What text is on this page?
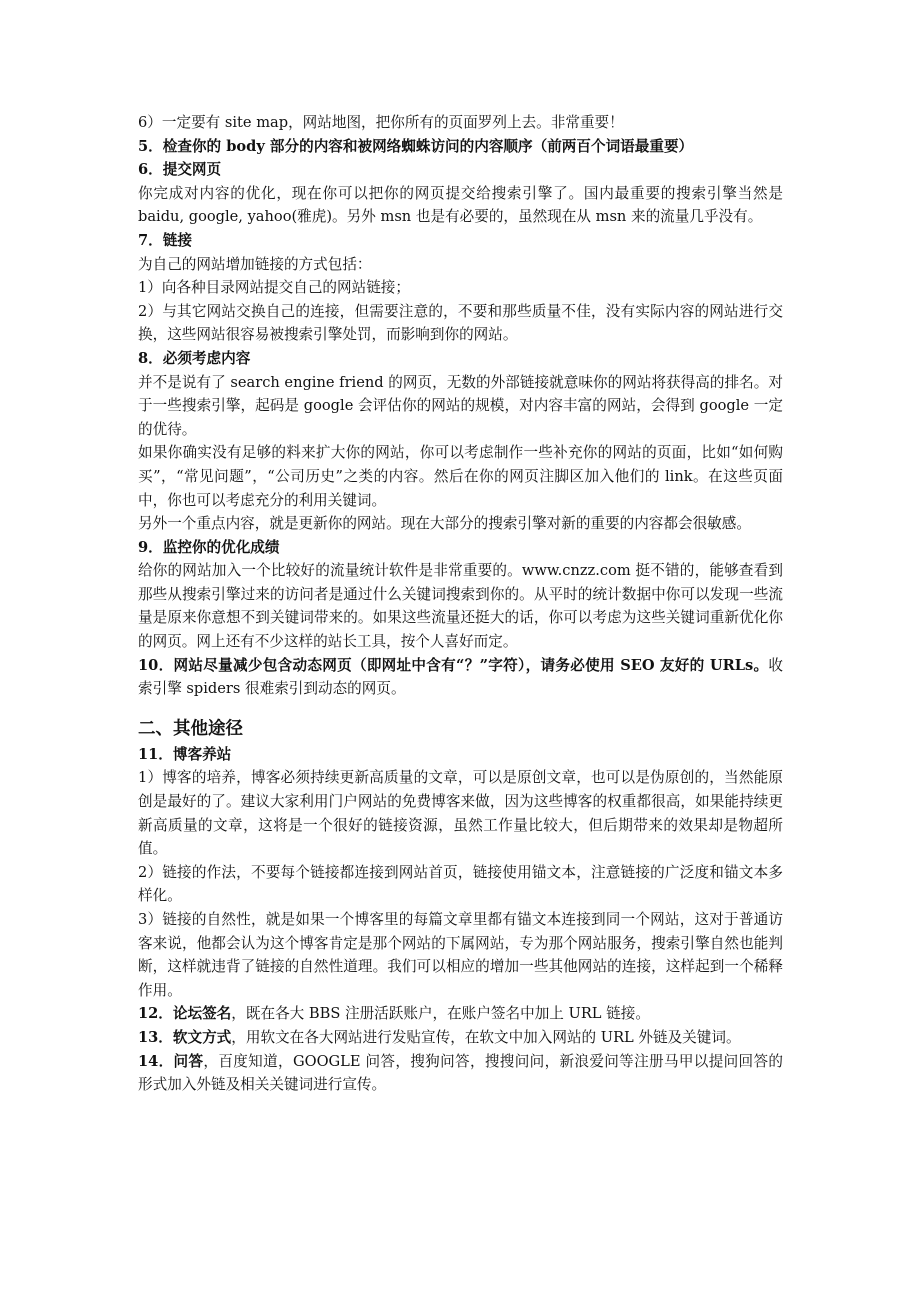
6）一定要有 site map，网站地图，把你所有的页面罗列上去。非常重要！

5．检查你的 body 部分的内容和被网络蜘蛛访问的内容顺序（前两百个词语最重要）

6．提交网页

你完成对内容的优化，现在你可以把你的网页提交给搜索引擎了。国内最重要的搜索引擎当然是 baidu, google, yahoo(雅虎)。另外 msn 也是有必要的，虽然现在从 msn 来的流量几乎没有。

7．链接

为自己的网站增加链接的方式包括：

1）向各种目录网站提交自己的网站链接；

2）与其它网站交换自己的连接，但需要注意的，不要和那些质量不佳，没有实际内容的网站进行交换，这些网站很容易被搜索引擎处罚，而影响到你的网站。

8．必须考虑内容

并不是说有了 search engine friend 的网页，无数的外部链接就意味你的网站将获得高的排名。对于一些搜索引擎，起码是 google 会评估你的网站的规模，对内容丰富的网站，会得到 google 一定的优待。

如果你确实没有足够的料来扩大你的网站，你可以考虑制作一些补充你的网站的页面，比如“如何购买”，“常见问题”，“公司历史”之类的内容。然后在你的网页注脚区加入他们的 link。在这些页面中，你也可以考虑充分的利用关键词。

另外一个重点内容，就是更新你的网站。现在大部分的搜索引擎对新的重要的内容都会很敏感。

9．监控你的优化成绩

给你的网站加入一个比较好的流量统计软件是非常重要的。www.cnzz.com 挺不错的，能够查看到那些从搜索引擎过来的访问者是通过什么关键词搜索到你的。从平时的统计数据中你可以发现一些流量是原来你意想不到关键词带来的。如果这些流量还挺大的话，你可以考虑为这些关键词重新优化你的网页。网上还有不少这样的站长工具，按个人喜好而定。

10．网站尽量减少包含动态网页（即网址中含有“？”字符），请务必使用 SEO 友好的 URLs。收索引擎 spiders 很难索引到动态的网页。

二、其他途径

11．博客养站

1）博客的培养，博客必须持续更新高质量的文章，可以是原创文章，也可以是伪原创的，当然能原创是最好的了。建议大家利用门户网站的免费博客来做，因为这些博客的权重都很高，如果能持续更新高质量的文章，这将是一个很好的链接资源，虽然工作量比较大，但后期带来的效果却是物超所值。

2）链接的作法，不要每个链接都连接到网站首页，链接使用锚文本，注意链接的广泛度和锚文本多样化。

3）链接的自然性，就是如果一个博客里的每篇文章里都有锚文本连接到同一个网站，这对于普通访客来说，他都会认为这个博客肯定是那个网站的下属网站，专为那个网站服务，搜索引擎自然也能判断，这样就违背了链接的自然性道理。我们可以相应的增加一些其他网站的连接，这样起到一个稀释作用。

12．论坛签名，既在各大 BBS 注册活跃账户，在账户签名中加上 URL 链接。

13．软文方式，用软文在各大网站进行发贴宣传，在软文中加入网站的 URL 外链及关键词。

14．问答，百度知道，GOOGLE 问答，搜狗问答，搜搜问问，新浪爱问等注册马甲以提问回答的形式加入外链及相关关键词进行宣传。
